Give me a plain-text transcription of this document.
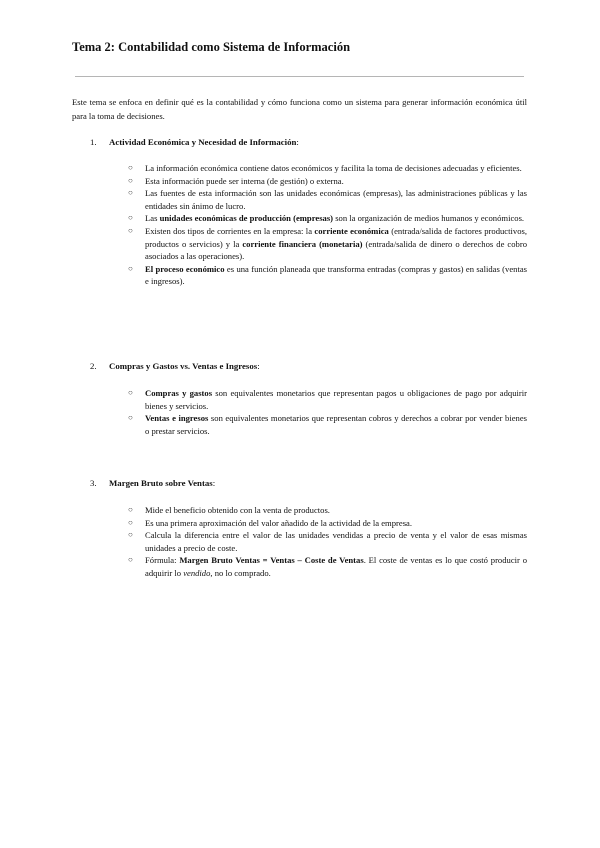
Tema 2: Contabilidad como Sistema de Información
Este tema se enfoca en definir qué es la contabilidad y cómo funciona como un sistema para generar información económica útil para la toma de decisiones.
1. Actividad Económica y Necesidad de Información:
○ La información económica contiene datos económicos y facilita la toma de decisiones adecuadas y eficientes.
○ Esta información puede ser interna (de gestión) o externa.
○ Las fuentes de esta información son las unidades económicas (empresas), las administraciones públicas y las entidades sin ánimo de lucro.
○ Las unidades económicas de producción (empresas) son la organización de medios humanos y económicos.
○ Existen dos tipos de corrientes en la empresa: la corriente económica (entrada/salida de factores productivos, productos o servicios) y la corriente financiera (monetaria) (entrada/salida de dinero o derechos de cobro asociados a las operaciones).
○ El proceso económico es una función planeada que transforma entradas (compras y gastos) en salidas (ventas e ingresos).
2. Compras y Gastos vs. Ventas e Ingresos:
○ Compras y gastos son equivalentes monetarios que representan pagos u obligaciones de pago por adquirir bienes y servicios.
○ Ventas e ingresos son equivalentes monetarios que representan cobros y derechos a cobrar por vender bienes o prestar servicios.
3. Margen Bruto sobre Ventas:
○ Mide el beneficio obtenido con la venta de productos.
○ Es una primera aproximación del valor añadido de la actividad de la empresa.
○ Calcula la diferencia entre el valor de las unidades vendidas a precio de venta y el valor de esas mismas unidades a precio de coste.
○ Fórmula: Margen Bruto Ventas = Ventas – Coste de Ventas. El coste de ventas es lo que costó producir o adquirir lo vendido, no lo comprado.
